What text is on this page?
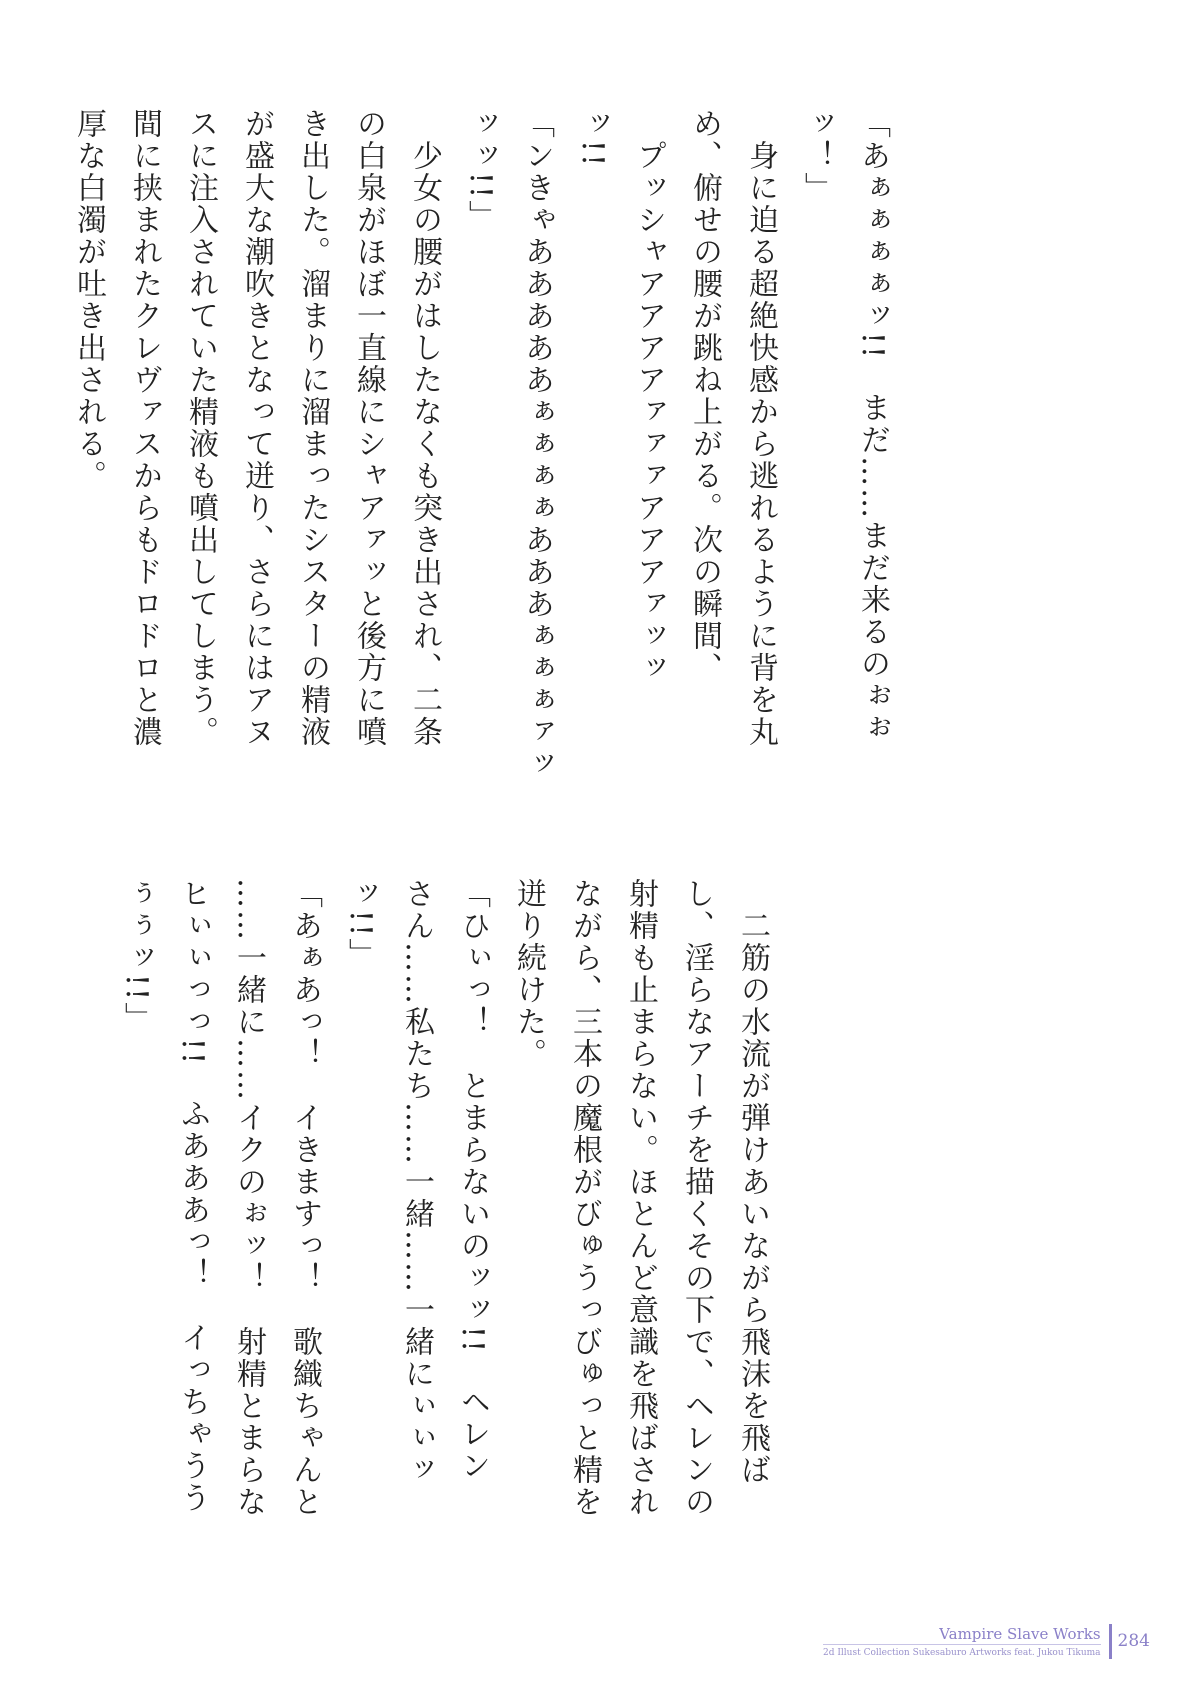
「あぁぁぁぁッ!!　まだ……まだ来るのぉぉ
ッ！」
　身に迫る超絶快感から逃れるように背を丸
め、俯せの腰が跳ね上がる。次の瞬間、
　プッシャアアアアァァァアアアァッッ
ッ!!
「ンきゃあああああぁぁぁぁあああぁぁぁァッ
ッッ!!」
　少女の腰がはしたなくも突き出され、二条
の白泉がほぼ一直線にシャアァッと後方に噴
き出した。溜まりに溜まったシスターの精液
が盛大な潮吹きとなって迸り、さらにはアヌ
スに注入されていた精液も噴出してしまう。
間に挟まれたクレヴァスからもドロドロと濃
厚な白濁が吐き出される。
　二筋の水流が弾けあいながら飛沫を飛ば
し、淫らなアーチを描くその下で、ヘレンの
射精も止まらない。ほとんど意識を飛ばされ
ながら、三本の魔根がびゅうっびゅっと精を
迸り続けた。
「ひぃっ！　とまらないのッッ!!　ヘレン
さん……私たち……一緒……一緒にぃぃッ
ッ!!」
「あぁあっ！　イきますっ！　歌織ちゃんと
……一緒に……イクのぉッ！　射精とまらな
ヒぃぃっっ!!　ふあああっ！　イっちゃうう
ぅぅッ!!」
Vampire Slave Works
2d Illust Collection Sukesaburo Artworks feat. Jukou Tikuma
284
